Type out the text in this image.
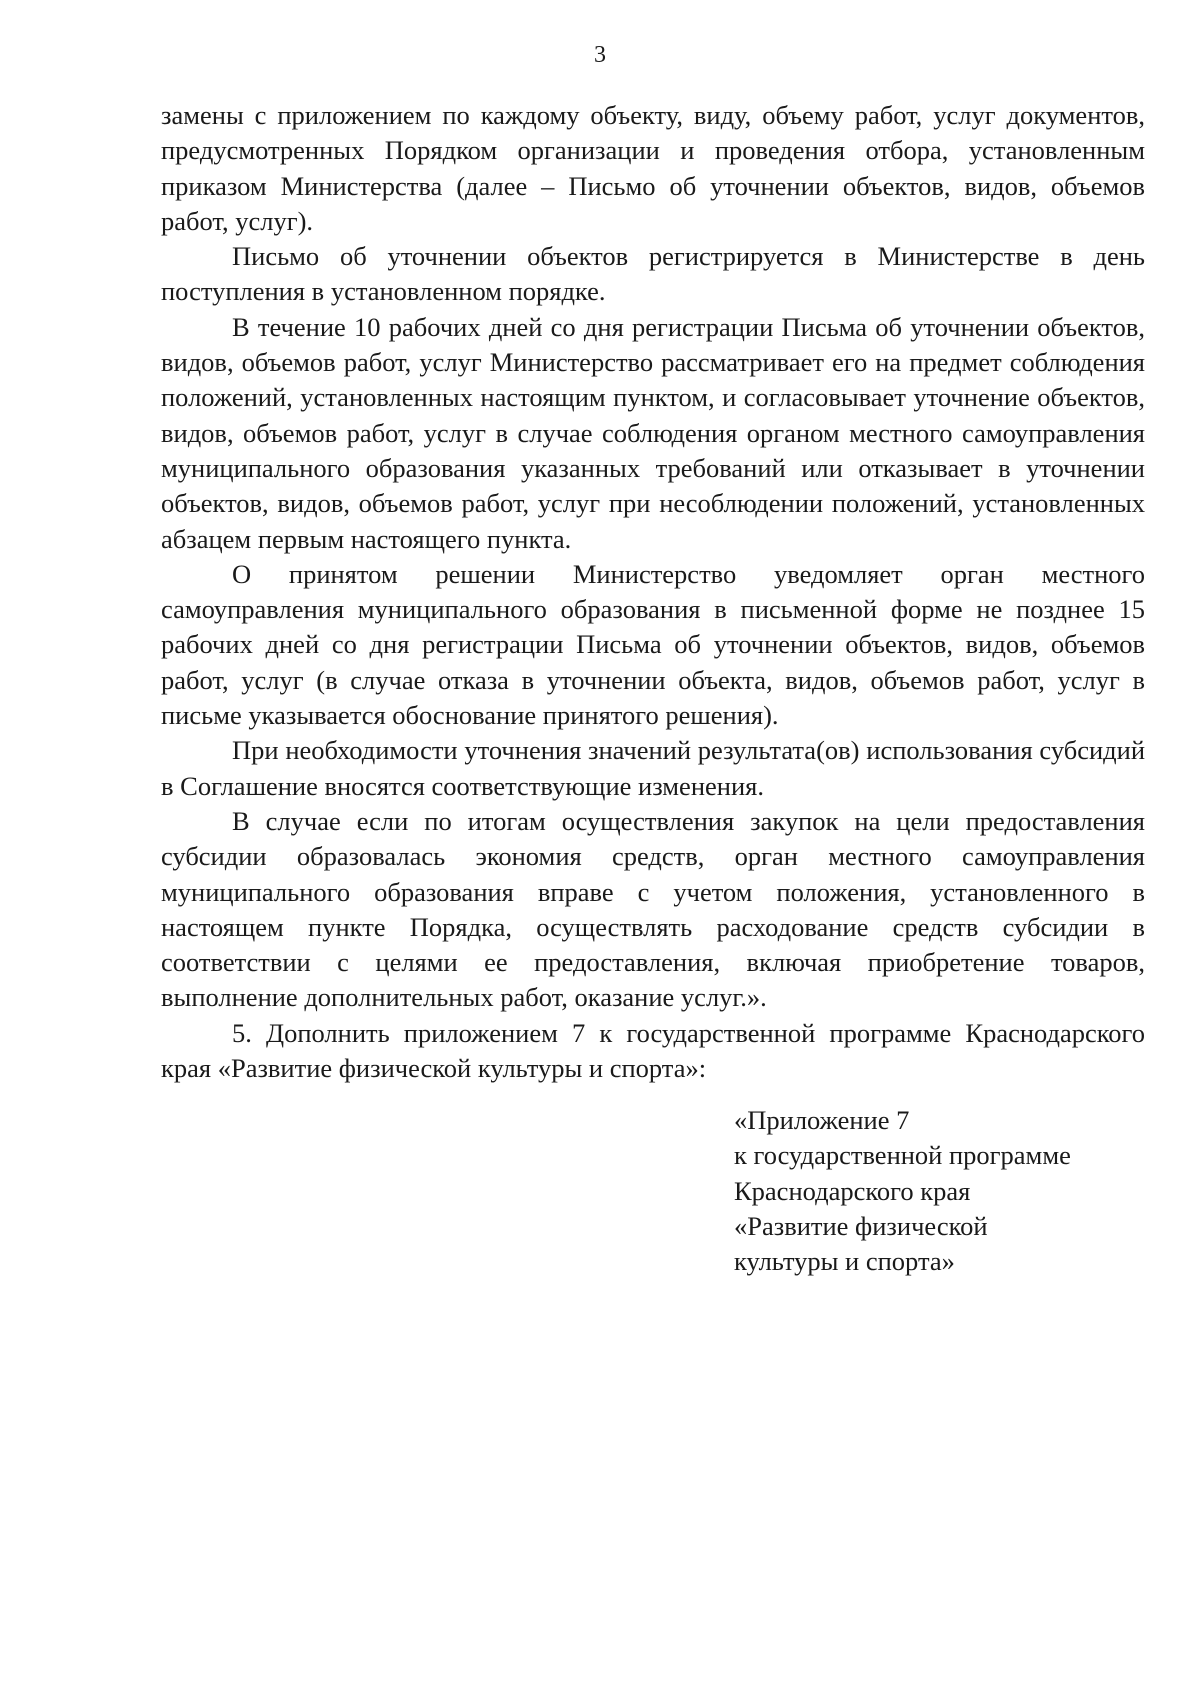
3

замены с приложением по каждому объекту, виду, объему работ, услуг документов, предусмотренных Порядком организации и проведения отбора, установленным приказом Министерства (далее – Письмо об уточнении объектов, видов, объемов работ, услуг).

Письмо об уточнении объектов регистрируется в Министерстве в день поступления в установленном порядке.

В течение 10 рабочих дней со дня регистрации Письма об уточнении объектов, видов, объемов работ, услуг Министерство рассматривает его на предмет соблюдения положений, установленных настоящим пунктом, и согласовывает уточнение объектов, видов, объемов работ, услуг в случае соблюдения органом местного самоуправления муниципального образования указанных требований или отказывает в уточнении объектов, видов, объемов работ, услуг при несоблюдении положений, установленных абзацем первым настоящего пункта.

О принятом решении Министерство уведомляет орган местного самоуправления муниципального образования в письменной форме не позднее 15 рабочих дней со дня регистрации Письма об уточнении объектов, видов, объемов работ, услуг (в случае отказа в уточнении объекта, видов, объемов работ, услуг в письме указывается обоснование принятого решения).

При необходимости уточнения значений результата(ов) использования субсидий в Соглашение вносятся соответствующие изменения.

В случае если по итогам осуществления закупок на цели предоставления субсидии образовалась экономия средств, орган местного самоуправления муниципального образования вправе с учетом положения, установленного в настоящем пункте Порядка, осуществлять расходование средств субсидии в соответствии с целями ее предоставления, включая приобретение товаров, выполнение дополнительных работ, оказание услуг.».

5. Дополнить приложением 7 к государственной программе Краснодарского края «Развитие физической культуры и спорта»:

«Приложение 7
к государственной программе
Краснодарского края
«Развитие физической
культуры и спорта»
